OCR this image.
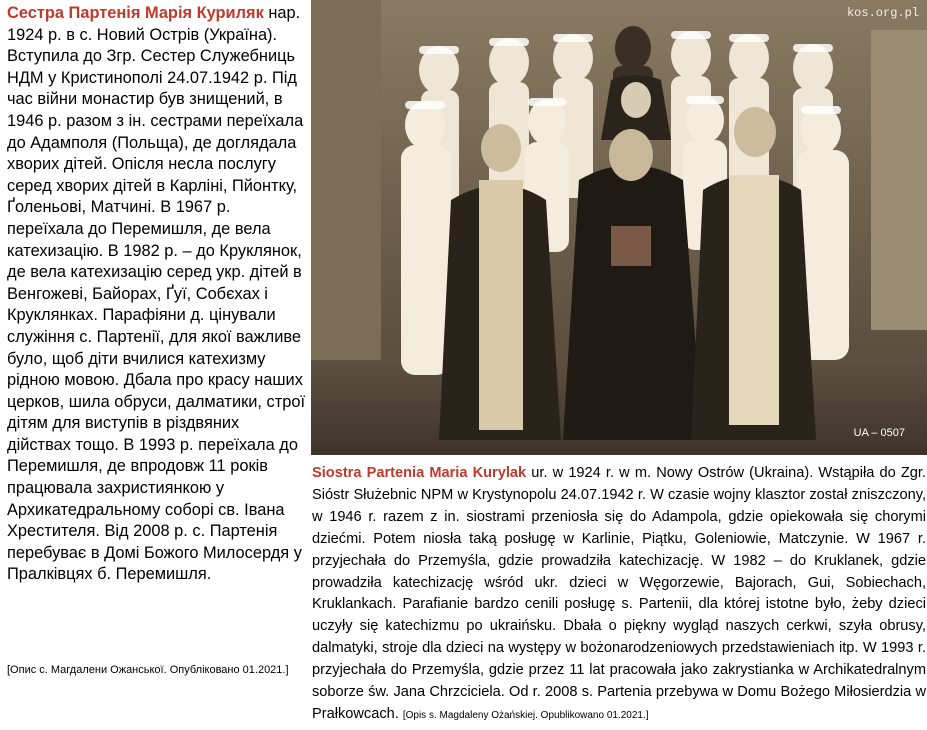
Сестра Партенія Марія Куриляк нар. 1924 р. в с. Новий Острів (Україна). Вступила до Згр. Сестер Служебниць НДМ у Кристинополі 24.07.1942 р. Під час війни монастир був знищений, в 1946 р. разом з ін. сестрами переїхала до Адамполя (Польща), де доглядала хворих дітей. Опісля несла послугу серед хворих дітей в Карліні, Пйонтку, Ґоленьові, Матчині. В 1967 р. переїхала до Перемишля, де вела катехизацію. В 1982 р. – до Круклянок, де вела катехизацію серед укр. дітей в Венгожеві, Байорах, Ґуї, Собєхах і Круклянках. Парафіяни д. цінували служіння с. Партенії, для якої важливе було, щоб діти вчилися катехизму рідною мовою. Дбала про красу наших церков, шила обруси, далматики, строї дітям для виступів в різдвяних дійствах тощо. В 1993 р. переїхала до Перемишля, де впродовж 11 років працювала захристиянкою у Архикатедральному соборі св. Івана Хрестителя. Від 2008 р. с. Партенія перебуває в Домі Божого Милосердя у Пралківцях б. Перемишля.

[Опис с. Магдалени Ожанської. Опубліковано 01.2021.]

kos.org.pl
UA – 0507

Siostra Partenia Maria Kurylak ur. w 1924 r. w m. Nowy Ostrów (Ukraina). Wstąpiła do Zgr. Sióstr Służebnic NPM w Krystynopolu 24.07.1942 r. W czasie wojny klasztor został zniszczony, w 1946 r. razem z in. siostrami przeniosła się do Adampola, gdzie opiekowała się chorymi dziećmi. Potem niosła taką posługę w Karlinie, Piątku, Goleniowie, Matczynie. W 1967 r. przyjechała do Przemyśla, gdzie prowadziła katechizację. W 1982 – do Kruklanek, gdzie prowadziła katechizację wśród ukr. dzieci w Węgorzewie, Bajorach, Gui, Sobiechach, Kruklankach. Parafianie bardzo cenili posługę s. Partenii, dla której istotne było, żeby dzieci uczyły się katechizmu po ukraińsku. Dbała o piękny wygląd naszych cerkwi, szyła obrusy, dalmatyki, stroje dla dzieci na występy w bożonarodzeniowych przedstawieniach itp. W 1993 r. przyjechała do Przemyśla, gdzie przez 11 lat pracowała jako zakrystianka w Archikatedralnym soborze św. Jana Chrzciciela. Od r. 2008 s. Partenia przebywa w Domu Bożego Miłosierdzia w Prałkowcach. [Opis s. Magdaleny Ożańskiej. Opublikowano 01.2021.]
